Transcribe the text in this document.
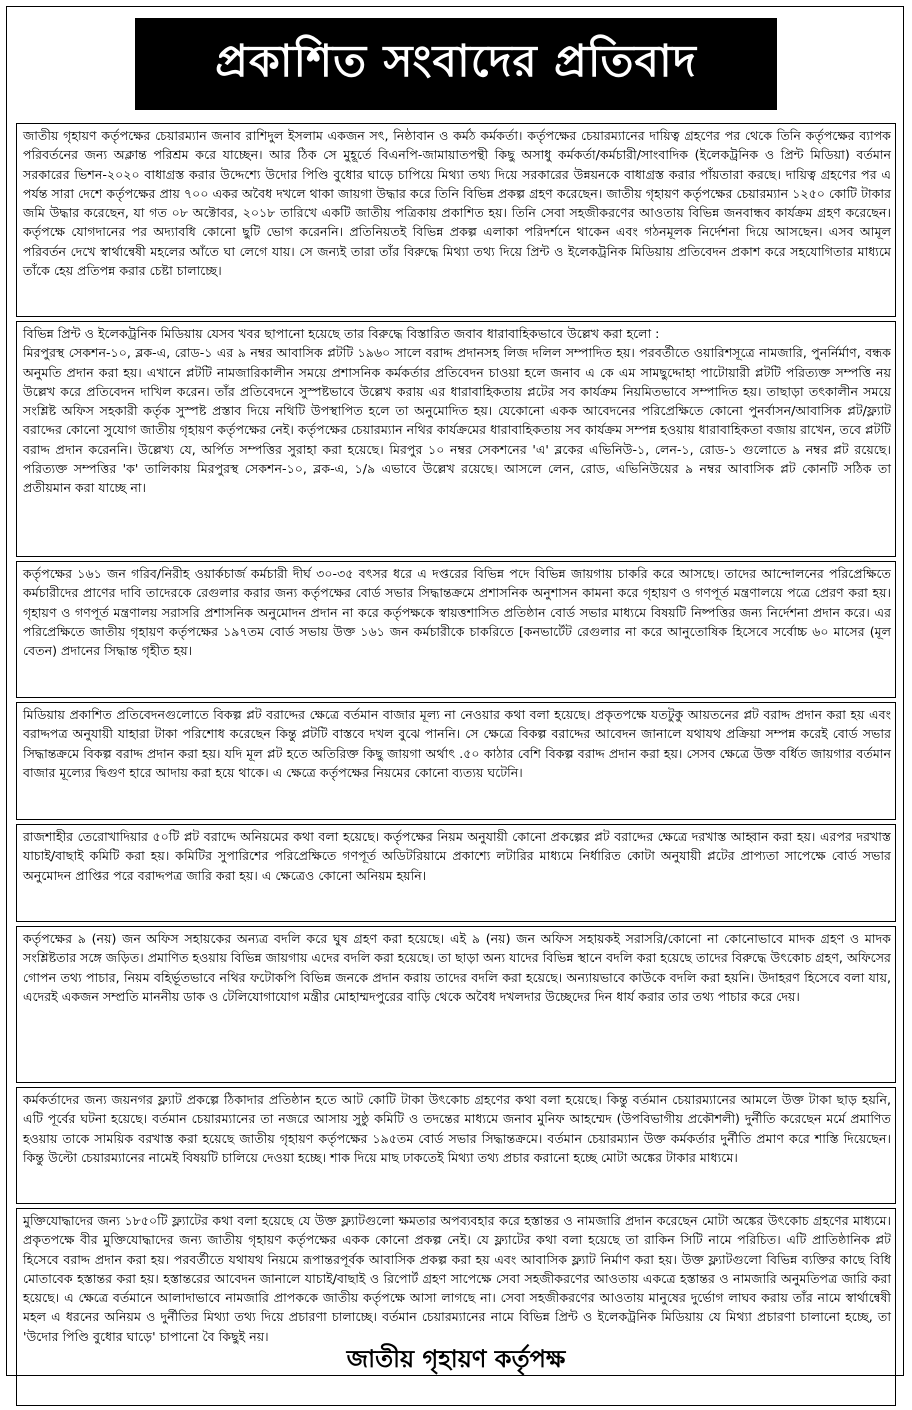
প্রকাশিত সংবাদের প্রতিবাদ

জাতীয় গৃহায়ণ কর্তৃপক্ষের চেয়ারম্যান জনাব রাশিদুল ইসলাম একজন সৎ, নিষ্ঠাবান ও কর্মঠ কর্মকর্তা। কর্তৃপক্ষের চেয়ারম্যানের দায়িত্ব গ্রহণের পর থেকে তিনি কর্তৃপক্ষের ব্যাপক পরিবর্তনের জন্য অক্লান্ত পরিশ্রম করে যাচ্ছেন। আর ঠিক সে মুহূর্তে বিএনপি-জামায়াতপন্থী কিছু অসাধু কর্মকর্তা/কর্মচারী/সাংবাদিক (ইলেকট্রনিক ও প্রিন্ট মিডিয়া) বর্তমান সরকারের ভিশন-২০২০ বাধাগ্রস্ত করার উদ্দেশ্যে উদোর পিণ্ডি বুধোর ঘাড়ে চাপিয়ে মিথ্যা তথ্য দিয়ে সরকারের উন্নয়নকে বাধাগ্রস্ত করার পাঁয়তারা করছে। দায়িত্ব গ্রহণের পর এ পর্যন্ত সারা দেশে কর্তৃপক্ষের প্রায় ৭০০ একর অবৈধ দখলে থাকা জায়গা উদ্ধার করে তিনি বিভিন্ন প্রকল্প গ্রহণ করেছেন। জাতীয় গৃহায়ণ কর্তৃপক্ষের চেয়ারম্যান ১২৫০ কোটি টাকার জমি উদ্ধার করেছেন, যা গত ০৮ অক্টোবর, ২০১৮ তারিখে একটি জাতীয় পত্রিকায় প্রকাশিত হয়। তিনি সেবা সহজীকরণের আওতায় বিভিন্ন জনবান্ধব কার্যক্রম গ্রহণ করেছেন। কর্তৃপক্ষে যোগদানের পর অদ্যাবধি কোনো ছুটি ভোগ করেননি। প্রতিনিয়তই বিভিন্ন প্রকল্প এলাকা পরিদর্শনে থাকেন এবং গঠনমূলক নির্দেশনা দিয়ে আসছেন। এসব আমূল পরিবর্তন দেখে স্বার্থান্বেষী মহলের আঁতে ঘা লেগে যায়। সে জন্যই তারা তাঁর বিরুদ্ধে মিথ্যা তথ্য দিয়ে প্রিন্ট ও ইলেকট্রনিক মিডিয়ায় প্রতিবেদন প্রকাশ করে সহযোগিতার মাধ্যমে তাঁকে হেয় প্রতিপন্ন করার চেষ্টা চালাচ্ছে।

বিভিন্ন প্রিন্ট ও ইলেকট্রনিক মিডিয়ায় যেসব খবর ছাপানো হয়েছে তার বিরুদ্ধে বিস্তারিত জবাব ধারাবাহিকভাবে উল্লেখ করা হলো :

মিরপুরস্থ সেকশন-১০, ব্লক-এ, রোড-১ এর ৯ নম্বর আবাসিক প্লটটি ১৯৬০ সালে বরাদ্দ প্রদানসহ লিজ দলিল সম্পাদিত হয়। পরবর্তীতে ওয়ারিশসূত্রে নামজারি, পুনর্নির্মাণ, বন্ধক অনুমতি প্রদান করা হয়। এখানে প্লটটি নামজারিকালীন সময়ে প্রশাসনিক কর্মকর্তার প্রতিবেদন চাওয়া হলে জনাব এ কে এম সামছুদ্দোহা পাটোয়ারী প্লটটি পরিত্যক্ত সম্পত্তি নয় উল্লেখ করে প্রতিবেদন দাখিল করেন। তাঁর প্রতিবেদনে সুস্পষ্টভাবে উল্লেখ করায় এর ধারাবাহিকতায় প্লটের সব কার্যক্রম নিয়মিতভাবে সম্পাদিত হয়। তাছাড়া তৎকালীন সময়ে সংশ্লিষ্ট অফিস সহকারী কর্তৃক সুস্পষ্ট প্রস্তাব দিয়ে নথিটি উপস্থাপিত হলে তা অনুমোদিত হয়। যেকোনো একক আবেদনের পরিপ্রেক্ষিতে কোনো পুনর্বাসন/আবাসিক প্লট/ফ্ল্যাট বরাদ্দের কোনো সুযোগ জাতীয় গৃহায়ণ কর্তৃপক্ষের নেই। কর্তৃপক্ষের চেয়ারম্যান নথির কার্যক্রমের ধারাবাহিকতায় সব কার্যক্রম সম্পন্ন হওয়ায় ধারাবাহিকতা বজায় রাখেন, তবে প্লটটি বরাদ্দ প্রদান করেননি। উল্লেখ্য যে, অর্পিত সম্পত্তির সুরাহা করা হয়েছে। মিরপুর ১০ নম্বর সেকশনের 'এ' ব্লকের এভিনিউ-১, লেন-১, রোড-১ গুলোতে ৯ নম্বর প্লট রয়েছে। পরিত্যক্ত সম্পত্তির 'ক' তালিকায় মিরপুরস্থ সেকশন-১০, ব্লক-এ, ১/৯ এভাবে উল্লেখ রয়েছে। আসলে লেন, রোড, এভিনিউয়ের ৯ নম্বর আবাসিক প্লট কোনটি সঠিক তা প্রতীয়মান করা যাচ্ছে না।

কর্তৃপক্ষের ১৬১ জন গরিব/নিরীহ ওয়ার্কচার্জ কর্মচারী দীর্ঘ ৩০-৩৫ বৎসর ধরে এ দপ্তরের বিভিন্ন পদে বিভিন্ন জায়গায় চাকরি করে আসছে। তাদের আন্দোলনের পরিপ্রেক্ষিতে কর্মচারীদের প্রাণের দাবি তাদেরকে রেগুলার করার জন্য কর্তৃপক্ষের বোর্ড সভার সিদ্ধান্তক্রমে প্রশাসনিক অনুশাসন কামনা করে গৃহায়ণ ও গণপূর্ত মন্ত্রণালয়ে পত্রে প্রেরণ করা হয়। গৃহায়ণ ও গণপূর্ত মন্ত্রণালয় সরাসরি প্রশাসনিক অনুমোদন প্রদান না করে কর্তৃপক্ষকে স্বায়ত্তশাসিত প্রতিষ্ঠান বোর্ড সভার মাধ্যমে বিষয়টি নিষ্পত্তির জন্য নির্দেশনা প্রদান করে। এর পরিপ্রেক্ষিতে জাতীয় গৃহায়ণ কর্তৃপক্ষের ১৯৭তম বোর্ড সভায় উক্ত ১৬১ জন কর্মচারীকে চাকরিতে [কনভার্টেট রেগুলার না করে আনুতোষিক হিসেবে সর্বোচ্চ ৬০ মাসের (মূল বেতন) প্রদানের সিদ্ধান্ত গৃহীত হয়।

মিডিয়ায় প্রকাশিত প্রতিবেদনগুলোতে বিকল্প প্লট বরাদ্দের ক্ষেত্রে বর্তমান বাজার মূল্য না নেওয়ার কথা বলা হয়েছে। প্রকৃতপক্ষে যতটুকু আয়তনের প্লট বরাদ্দ প্রদান করা হয় এবং বরাদ্দপত্র অনুযায়ী যাহারা টাকা পরিশোধ করেছেন কিন্তু প্লটটি বাস্তবে দখল বুঝে পাননি। সে ক্ষেত্রে বিকল্প বরাদ্দের আবেদন জানালে যথাযথ প্রক্রিয়া সম্পন্ন করেই বোর্ড সভার সিদ্ধান্তক্রমে বিকল্প বরাদ্দ প্রদান করা হয়। যদি মূল প্লট হতে অতিরিক্ত কিছু জায়গা অর্থাৎ .৫০ কাঠার বেশি বিকল্প বরাদ্দ প্রদান করা হয়। সেসব ক্ষেত্রে উক্ত বর্ধিত জায়গার বর্তমান বাজার মূল্যের দ্বিগুণ হারে আদায় করা হয়ে থাকে। এ ক্ষেত্রে কর্তৃপক্ষের নিয়মের কোনো ব্যত্যয় ঘটেনি।

রাজশাহীর তেরোখাদিয়ার ৫০টি প্লট বরাদ্দে অনিয়মের কথা বলা হয়েছে। কর্তৃপক্ষের নিয়ম অনুযায়ী কোনো প্রকল্পের প্লট বরাদ্দের ক্ষেত্রে দরখাস্ত আহ্বান করা হয়। এরপর দরখাস্ত যাচাই/বাছাই কমিটি করা হয়। কমিটির সুপারিশের পরিপ্রেক্ষিতে গণপূর্ত অডিটরিয়ামে প্রকাশ্যে লটারির মাধ্যমে নির্ধারিত কোটা অনুযায়ী প্লটের প্রাপ্যতা সাপেক্ষে বোর্ড সভার অনুমোদন প্রাপ্তির পরে বরাদ্দপত্র জারি করা হয়। এ ক্ষেত্রেও কোনো অনিয়ম হয়নি।

কর্তৃপক্ষের ৯ (নয়) জন অফিস সহায়কের অন্যত্র বদলি করে ঘুষ গ্রহণ করা হয়েছে। এই ৯ (নয়) জন অফিস সহায়কই সরাসরি/কোনো না কোনোভাবে মাদক গ্রহণ ও মাদক সংশ্লিষ্টতার সঙ্গে জড়িত। প্রমাণিত হওয়ায় বিভিন্ন জায়গায় এদের বদলি করা হয়েছে। তা ছাড়া অন্য যাদের বিভিন্ন স্থানে বদলি করা হয়েছে তাদের বিরুদ্ধে উৎকোচ গ্রহণ, অফিসের গোপন তথ্য পাচার, নিয়ম বহির্ভূতভাবে নথির ফটোকপি বিভিন্ন জনকে প্রদান করায় তাদের বদলি করা হয়েছে। অন্যায়ভাবে কাউকে বদলি করা হয়নি। উদাহরণ হিসেবে বলা যায়, এদেরই একজন সম্প্রতি মাননীয় ডাক ও টেলিযোগাযোগ মন্ত্রীর মোহাম্মদপুরের বাড়ি থেকে অবৈধ দখলদার উচ্ছেদের দিন ধার্য করার তার তথ্য পাচার করে দেয়।

কর্মকর্তাদের জন্য জয়নগর ফ্ল্যাট প্রকল্পে ঠিকাদার প্রতিষ্ঠান হতে আট কোটি টাকা উৎকোচ গ্রহণের কথা বলা হয়েছে। কিন্তু বর্তমান চেয়ারম্যানের আমলে উক্ত টাকা ছাড় হয়নি, এটি পূর্বের ঘটনা হয়েছে। বর্তমান চেয়ারম্যানের তা নজরে আসায় সুষ্ঠু কমিটি ও তদন্তের মাধ্যমে জনাব মুনিফ আহম্মেদ (উপবিভাগীয় প্রকৌশলী) দুর্নীতি করেছেন মর্মে প্রমাণিত হওয়ায় তাকে সাময়িক বরখাস্ত করা হয়েছে জাতীয় গৃহায়ণ কর্তৃপক্ষের ১৯৫তম বোর্ড সভার সিদ্ধান্তক্রমে। বর্তমান চেয়ারম্যান উক্ত কর্মকর্তার দুর্নীতি প্রমাণ করে শাস্তি দিয়েছেন। কিন্তু উল্টো চেয়ারম্যানের নামেই বিষয়টি চালিয়ে দেওয়া হচ্ছে। শাক দিয়ে মাছ ঢাকতেই মিথ্যা তথ্য প্রচার করানো হচ্ছে মোটা অঙ্কের টাকার মাধ্যমে।

মুক্তিযোদ্ধাদের জন্য ১৮৫০টি ফ্ল্যাটের কথা বলা হয়েছে যে উক্ত ফ্ল্যাটগুলো ক্ষমতার অপব্যবহার করে হস্তান্তর ও নামজারি প্রদান করেছেন মোটা অঙ্কের উৎকোচ গ্রহণের মাধ্যমে। প্রকৃতপক্ষে বীর মুক্তিযোদ্ধাদের জন্য জাতীয় গৃহায়ণ কর্তৃপক্ষের একক কোনো প্রকল্প নেই। যে ফ্ল্যাটের কথা বলা হয়েছে তা রাকিন সিটি নামে পরিচিত। এটি প্রাতিষ্ঠানিক প্লট হিসেবে বরাদ্দ প্রদান করা হয়। পরবর্তীতে যথাযথ নিয়মে রূপান্তরপূর্বক আবাসিক প্রকল্প করা হয় এবং আবাসিক ফ্ল্যাট নির্মাণ করা হয়। উক্ত ফ্ল্যাটগুলো বিভিন্ন ব্যক্তির কাছে বিধি মোতাবেক হস্তান্তর করা হয়। হস্তান্তরের আবেদন জানালে যাচাই/বাছাই ও রিপোর্ট গ্রহণ সাপেক্ষে সেবা সহজীকরণের আওতায় একত্রে হস্তান্তর ও নামজারি অনুমতিপত্র জারি করা হয়েছে। এ ক্ষেত্রে বর্তমানে আলাদাভাবে নামজারি প্রাপককে জাতীয় কর্তৃপক্ষে আসা লাগছে না। সেবা সহজীকরণের আওতায় মানুষের দুর্ভোগ লাঘব করায় তাঁর নামে স্বার্থান্বেষী মহল এ ধরনের অনিয়ম ও দুর্নীতির মিথ্যা তথ্য দিয়ে প্রচারণা চালাচ্ছে। বর্তমান চেয়ারম্যানের নামে বিভিন্ন প্রিন্ট ও ইলেকট্রনিক মিডিয়ায় যে মিথ্যা প্রচারণা চালানো হচ্ছে, তা 'উদোর পিণ্ডি বুধোর ঘাড়ে' চাপানো বৈ কিছুই নয়।

জাতীয় গৃহায়ণ কর্তৃপক্ষ
